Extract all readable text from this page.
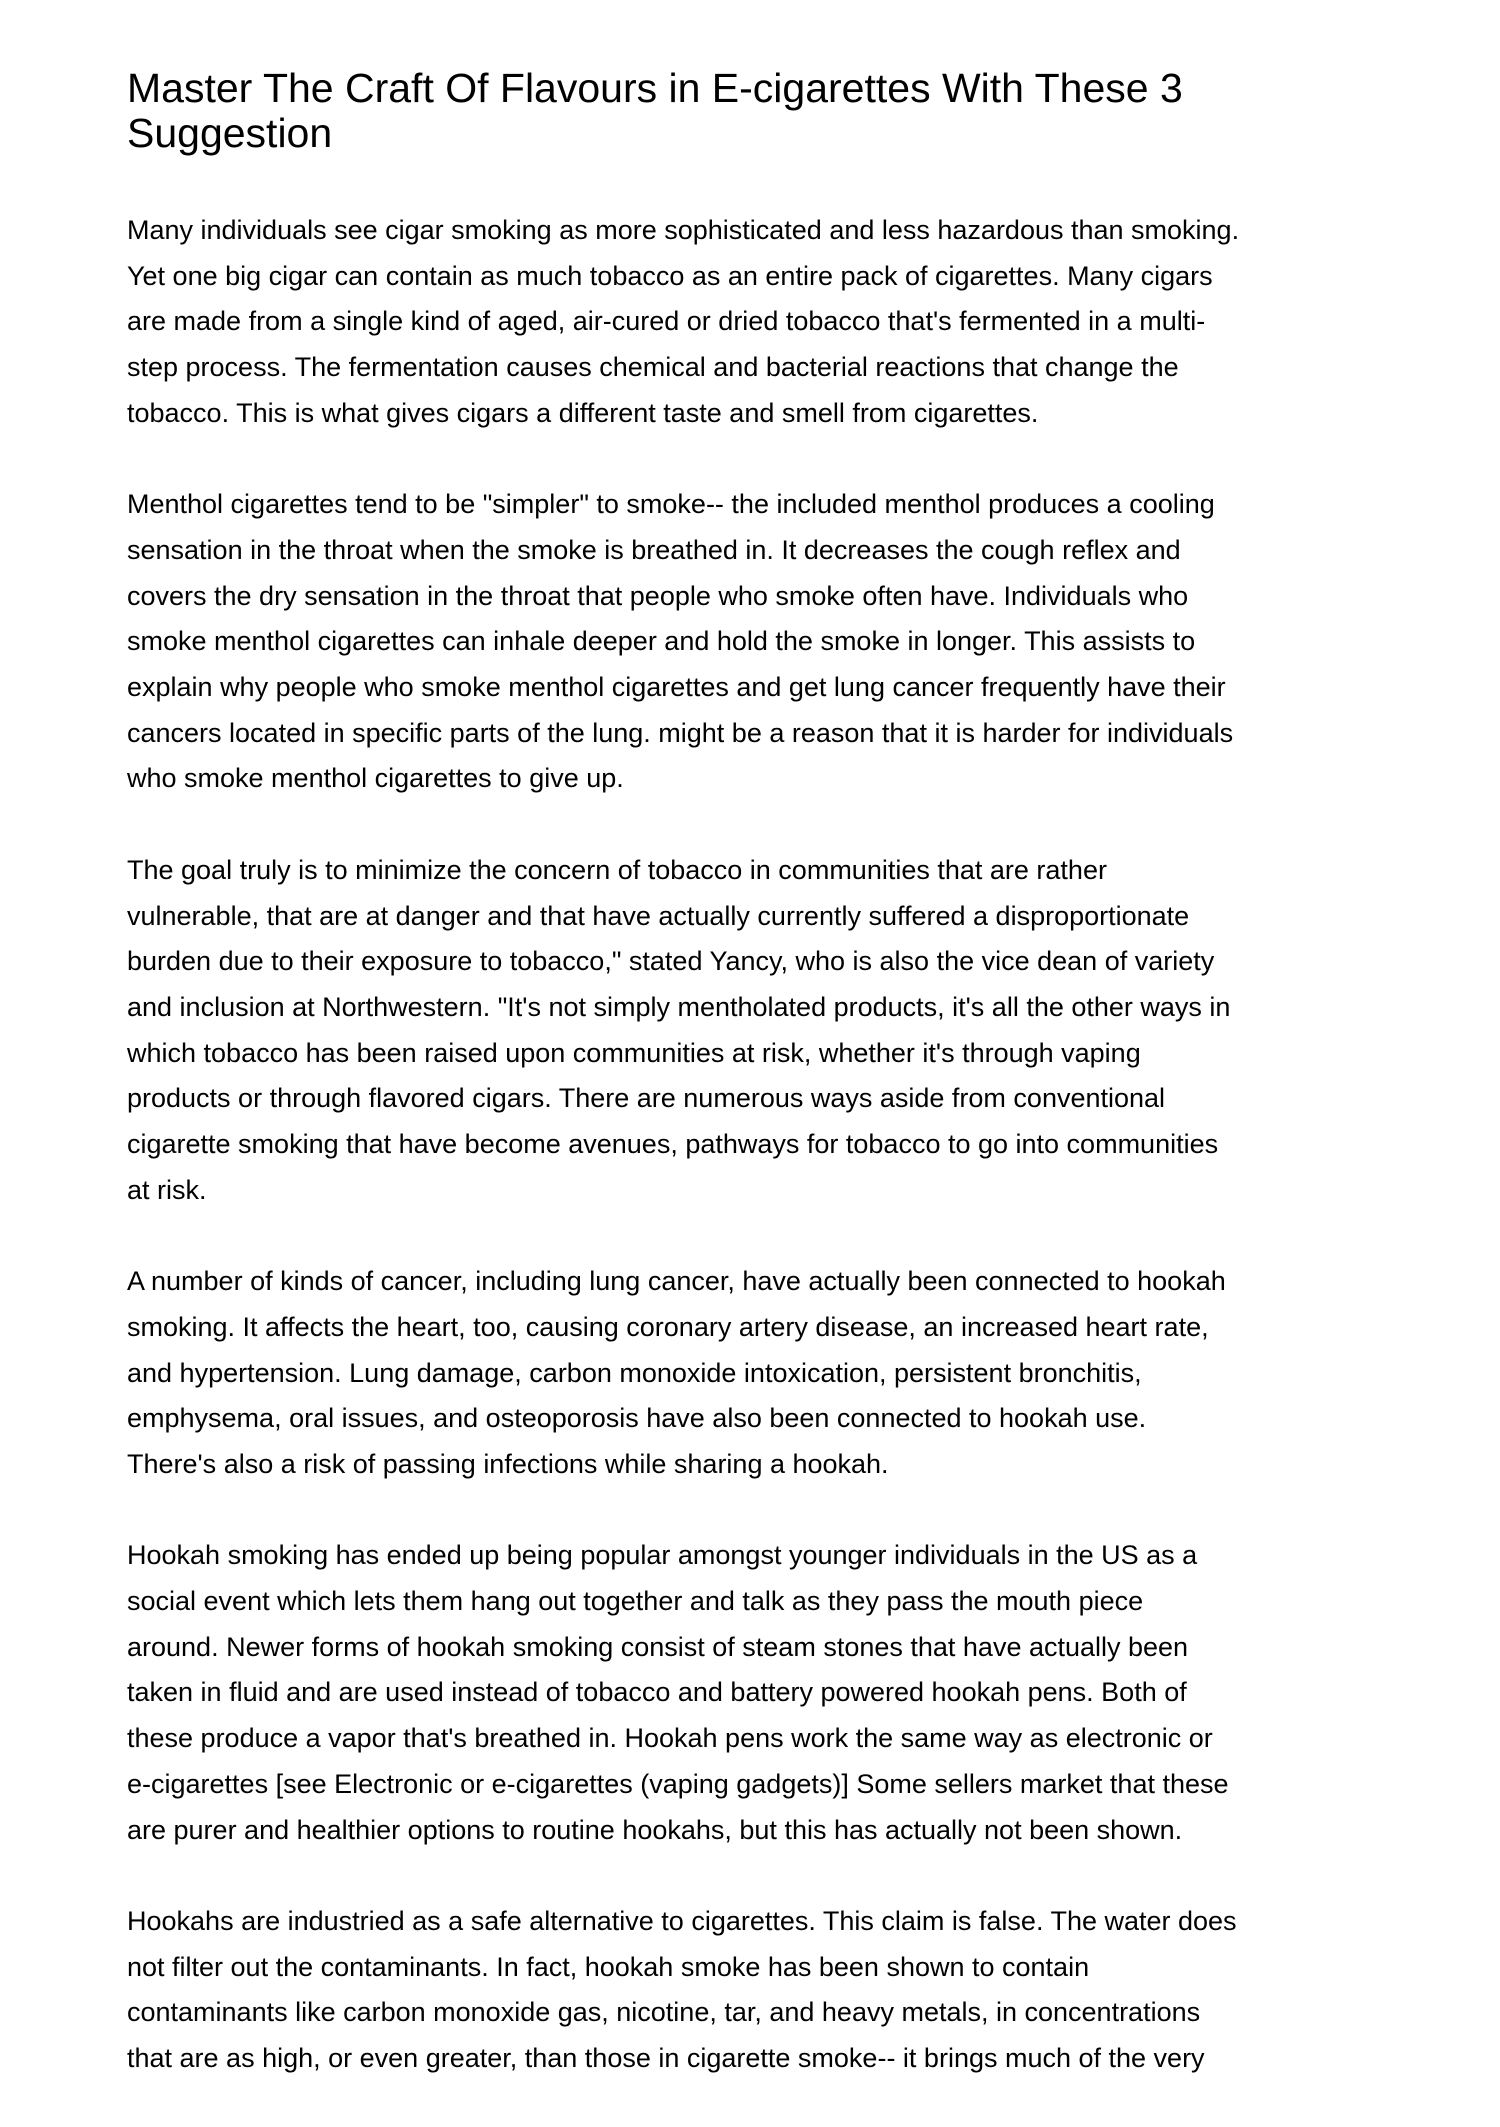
Master The Craft Of Flavours in E-cigarettes With These 3
Suggestion

Many individuals see cigar smoking as more sophisticated and less hazardous than smoking.
Yet one big cigar can contain as much tobacco as an entire pack of cigarettes. Many cigars
are made from a single kind of aged, air-cured or dried tobacco that's fermented in a multi-
step process. The fermentation causes chemical and bacterial reactions that change the
tobacco. This is what gives cigars a different taste and smell from cigarettes.

Menthol cigarettes tend to be "simpler" to smoke-- the included menthol produces a cooling
sensation in the throat when the smoke is breathed in. It decreases the cough reflex and
covers the dry sensation in the throat that people who smoke often have. Individuals who
smoke menthol cigarettes can inhale deeper and hold the smoke in longer. This assists to
explain why people who smoke menthol cigarettes and get lung cancer frequently have their
cancers located in specific parts of the lung. might be a reason that it is harder for individuals
who smoke menthol cigarettes to give up.

The goal truly is to minimize the concern of tobacco in communities that are rather
vulnerable, that are at danger and that have actually currently suffered a disproportionate
burden due to their exposure to tobacco," stated Yancy, who is also the vice dean of variety
and inclusion at Northwestern. "It's not simply mentholated products, it's all the other ways in
which tobacco has been raised upon communities at risk, whether it's through vaping
products or through flavored cigars. There are numerous ways aside from conventional
cigarette smoking that have become avenues, pathways for tobacco to go into communities
at risk.

A number of kinds of cancer, including lung cancer, have actually been connected to hookah
smoking. It affects the heart, too, causing coronary artery disease, an increased heart rate,
and hypertension. Lung damage, carbon monoxide intoxication, persistent bronchitis,
emphysema, oral issues, and osteoporosis have also been connected to hookah use.
There's also a risk of passing infections while sharing a hookah.

Hookah smoking has ended up being popular amongst younger individuals in the US as a
social event which lets them hang out together and talk as they pass the mouth piece
around. Newer forms of hookah smoking consist of steam stones that have actually been
taken in fluid and are used instead of tobacco and battery powered hookah pens. Both of
these produce a vapor that's breathed in. Hookah pens work the same way as electronic or
e-cigarettes [see Electronic or e-cigarettes (vaping gadgets)] Some sellers market that these
are purer and healthier options to routine hookahs, but this has actually not been shown.

Hookahs are industried as a safe alternative to cigarettes. This claim is false. The water does
not filter out the contaminants. In fact, hookah smoke has been shown to contain
contaminants like carbon monoxide gas, nicotine, tar, and heavy metals, in concentrations
that are as high, or even greater, than those in cigarette smoke-- it brings much of the very
